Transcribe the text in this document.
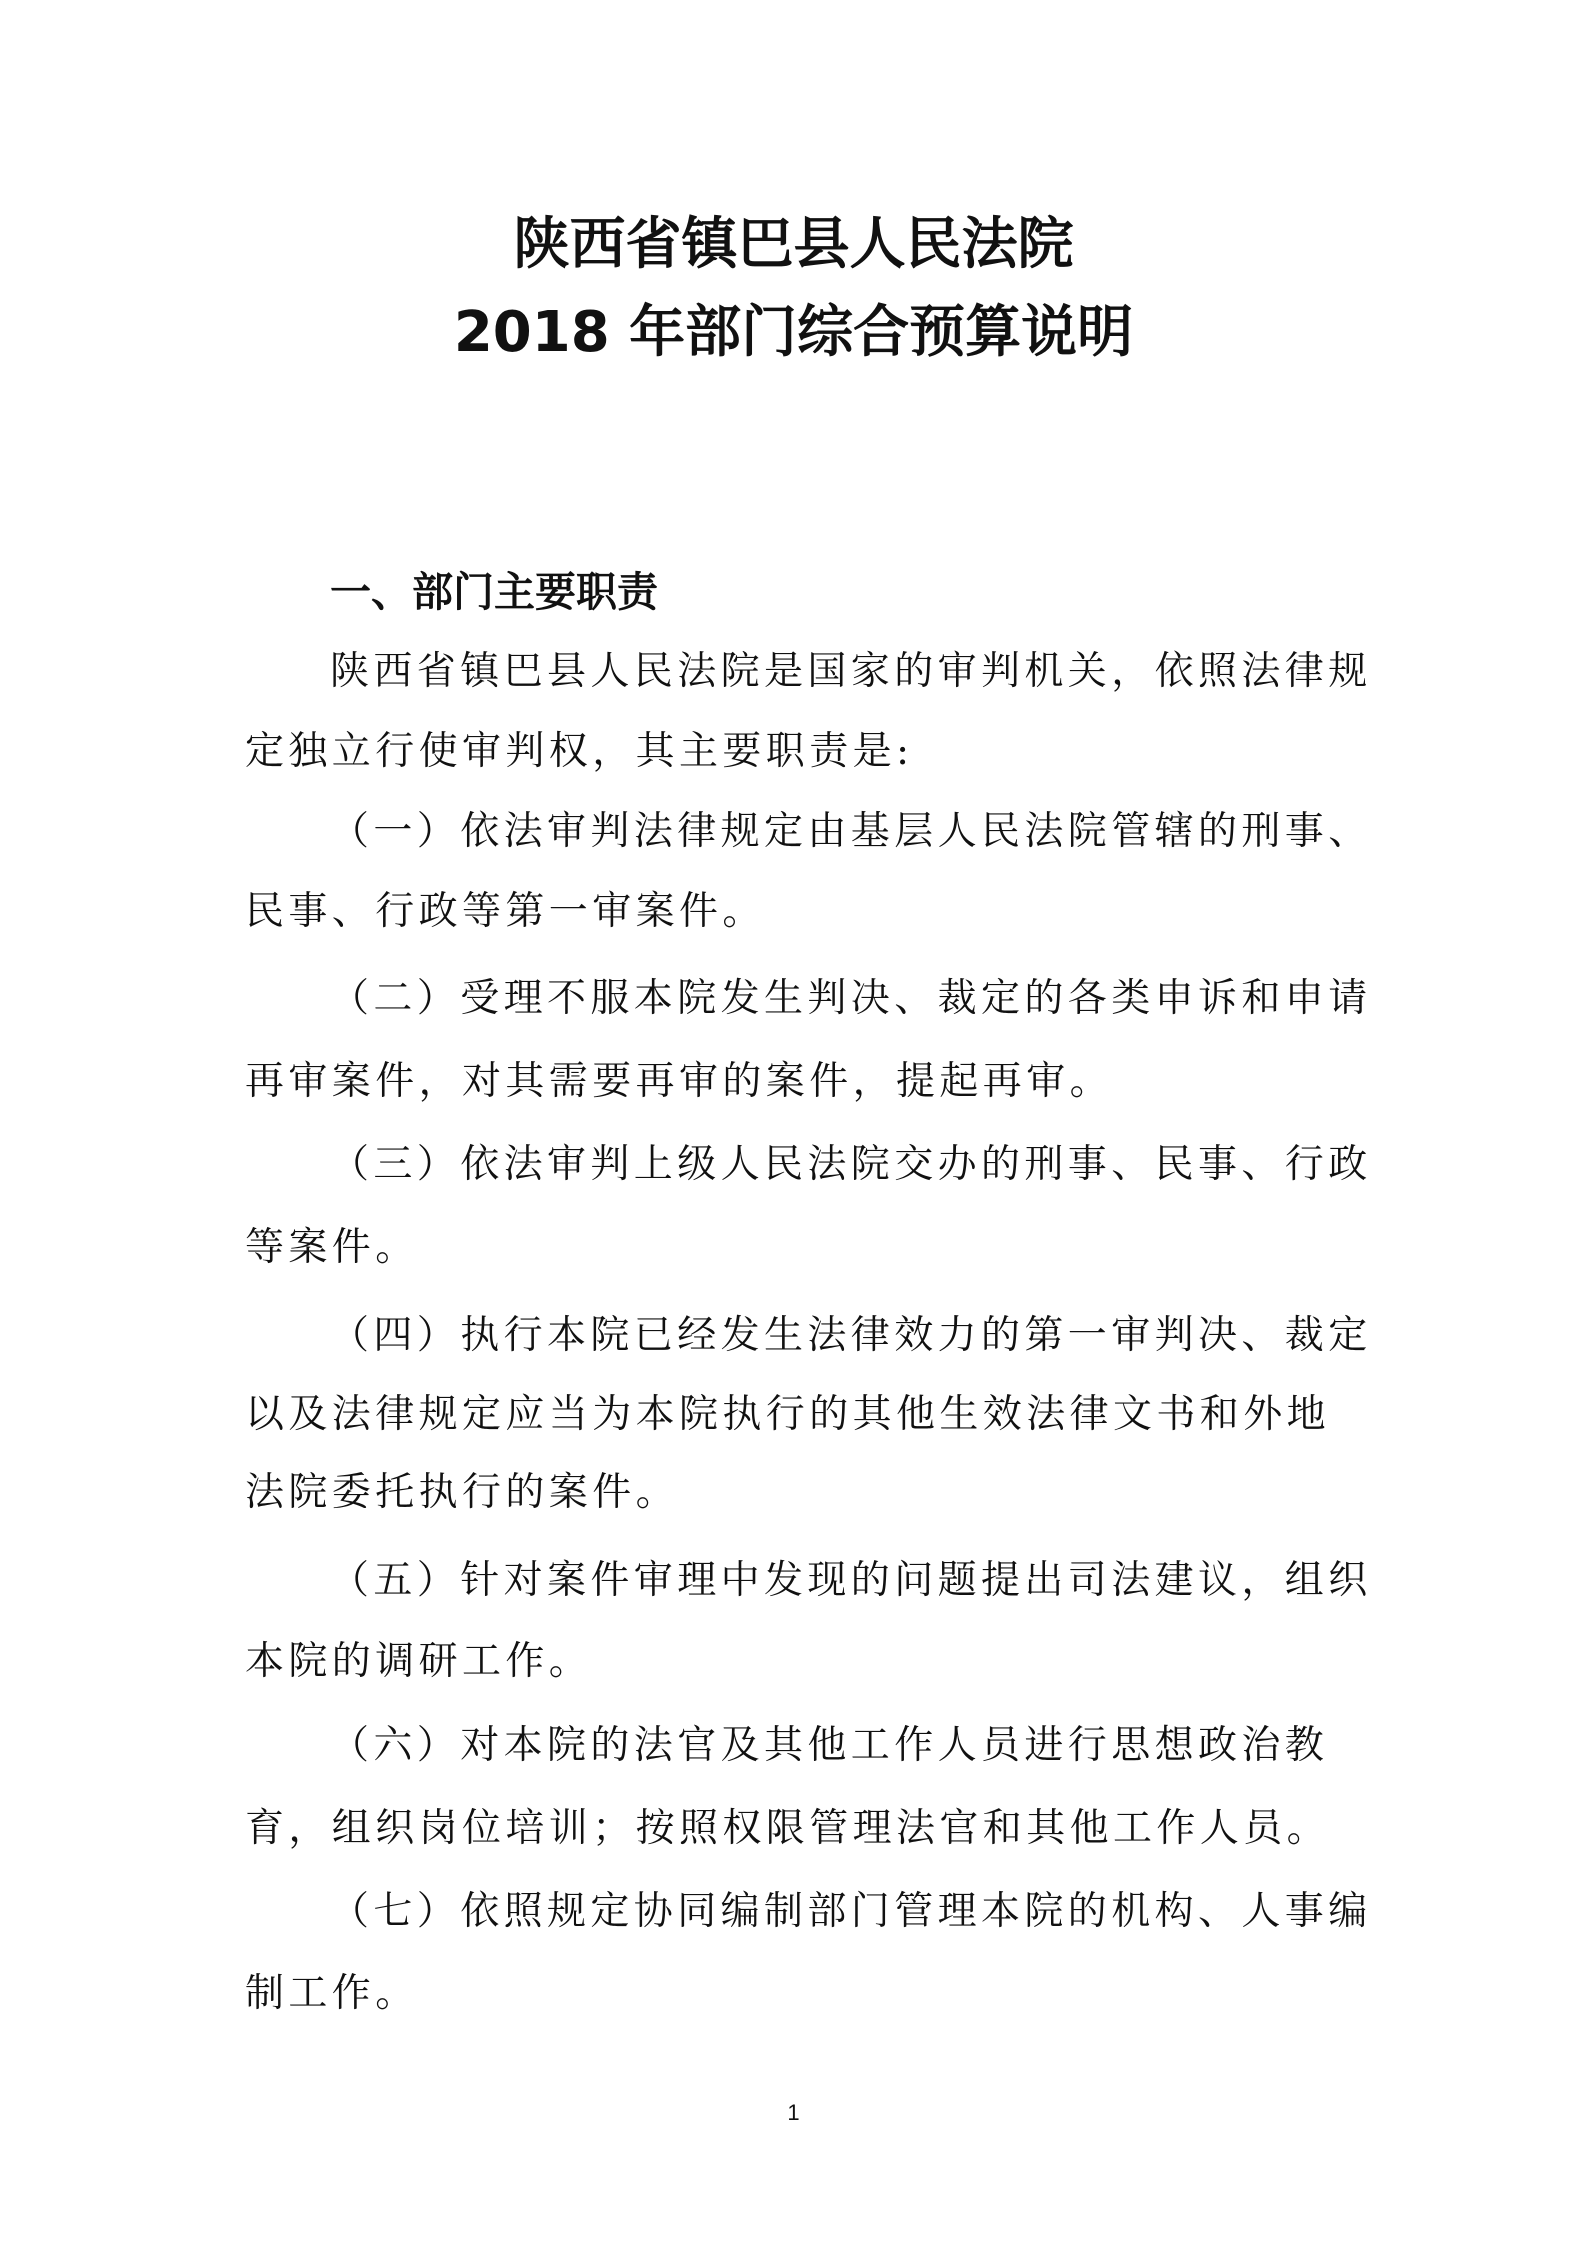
陕西省镇巴县人民法院
2018 年部门综合预算说明
一、部门主要职责

陕西省镇巴县人民法院是国家的审判机关，依照法律规

定独立行使审判权，其主要职责是:

（一）依法审判法律规定由基层人民法院管辖的刑事、

民事、行政等第一审案件。

（二）受理不服本院发生判决、裁定的各类申诉和申请

再审案件，对其需要再审的案件，提起再审。

（三）依法审判上级人民法院交办的刑事、民事、行政

等案件。

（四）执行本院已经发生法律效力的第一审判决、裁定

以及法律规定应当为本院执行的其他生效法律文书和外地

法院委托执行的案件。

（五）针对案件审理中发现的问题提出司法建议，组织

本院的调研工作。

（六）对本院的法官及其他工作人员进行思想政治教

育，组织岗位培训；按照权限管理法官和其他工作人员。

（七）依照规定协同编制部门管理本院的机构、人事编

制工作。

1
